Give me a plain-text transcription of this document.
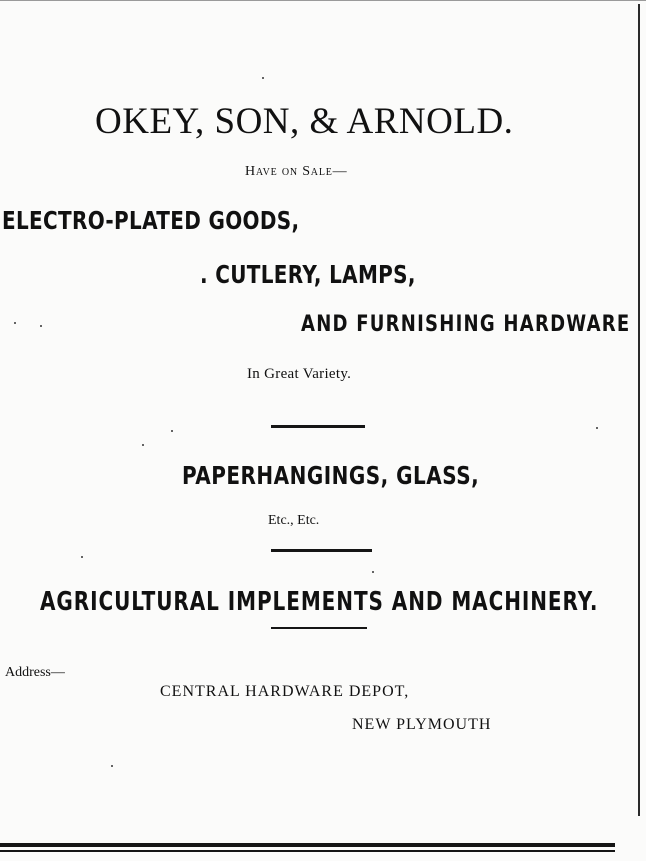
OKEY, SON, & ARNOLD.
Have on Sale—
ELECTRO-PLATED GOODS,
. CUTLERY, LAMPS,
AND FURNISHING HARDWARE
In Great Variety.
PAPERHANGINGS, GLASS,
Etc., Etc.
AGRICULTURAL IMPLEMENTS AND MACHINERY.
Address—
CENTRAL HARDWARE DEPOT,
NEW PLYMOUTH
